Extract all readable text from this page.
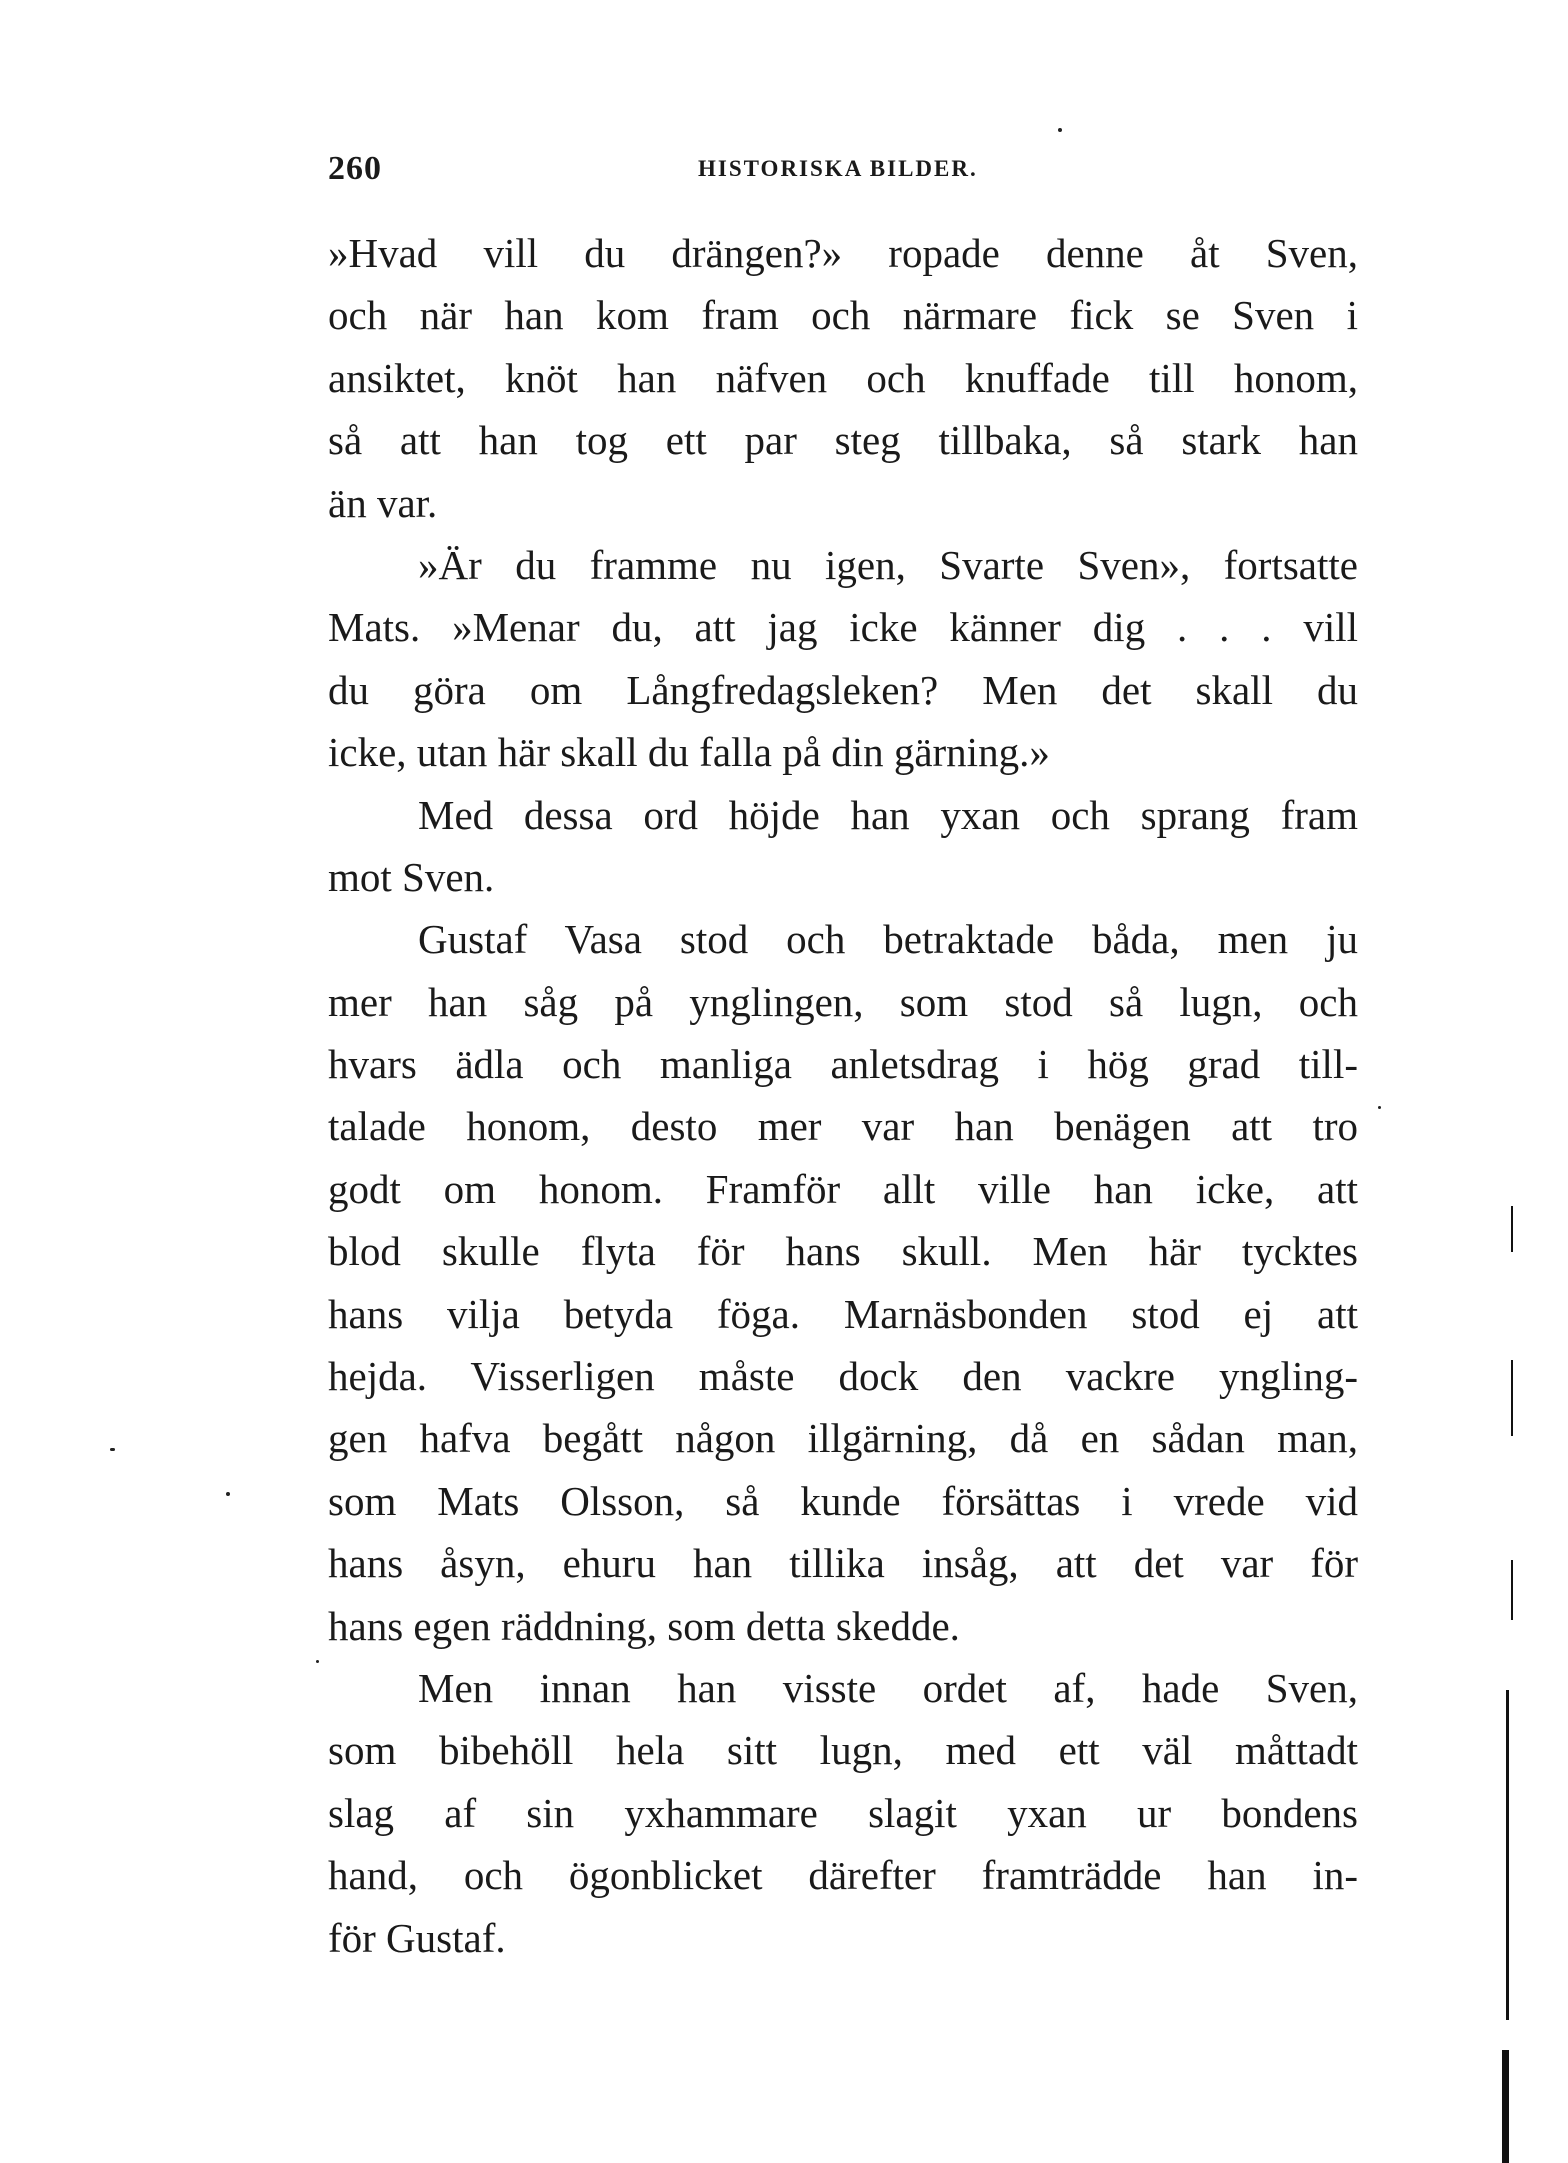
260	HISTORISKA BILDER.
»Hvad vill du drängen?» ropade denne åt Sven,
och när han kom fram och närmare fick se Sven i
ansiktet, knöt han näfven och knuffade till honom,
så att han tog ett par steg tillbaka, så stark han
än var.
»Är du framme nu igen, Svarte Sven», fortsatte
Mats. »Menar du, att jag icke känner dig . . . vill
du göra om Långfredagsleken? Men det skall du
icke, utan här skall du falla på din gärning.»
Med dessa ord höjde han yxan och sprang fram
mot Sven.
Gustaf Vasa stod och betraktade båda, men ju
mer han såg på ynglingen, som stod så lugn, och
hvars ädla och manliga anletsdrag i hög grad till-
talade honom, desto mer var han benägen att tro
godt om honom. Framför allt ville han icke, att
blod skulle flyta för hans skull. Men här tycktes
hans vilja betyda föga. Marnäsbonden stod ej att
hejda. Visserligen måste dock den vackre yngling-
gen hafva begått någon illgärning, då en sådan man,
som Mats Olsson, så kunde försättas i vrede vid
hans åsyn, ehuru han tillika insåg, att det var för
hans egen räddning, som detta skedde.
Men innan han visste ordet af, hade Sven,
som bibehöll hela sitt lugn, med ett väl måttadt
slag af sin yxhammare slagit yxan ur bondens
hand, och ögonblicket därefter framträdde han in-
för Gustaf.
